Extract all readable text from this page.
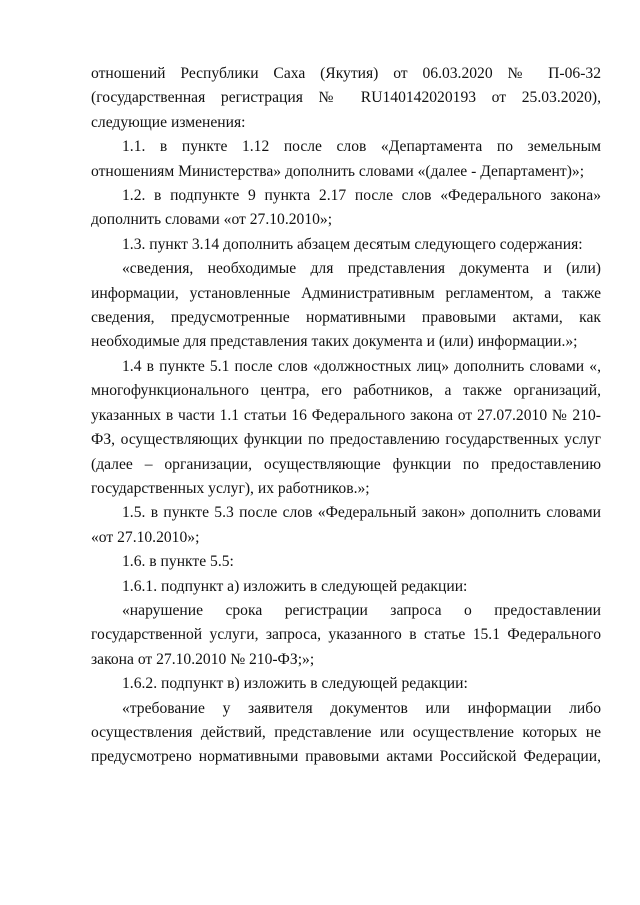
отношений Республики Саха (Якутия) от 06.03.2020 № П-06-32 (государственная регистрация № RU140142020193 от 25.03.2020), следующие изменения:

1.1. в пункте 1.12 после слов «Департамента по земельным отношениям Министерства» дополнить словами «(далее - Департамент)»;

1.2. в подпункте 9 пункта 2.17 после слов «Федерального закона» дополнить словами «от 27.10.2010»;

1.3. пункт 3.14 дополнить абзацем десятым следующего содержания:

«сведения, необходимые для представления документа и (или) информации, установленные Административным регламентом, а также сведения, предусмотренные нормативными правовыми актами, как необходимые для представления таких документа и (или) информации.»;

1.4 в пункте 5.1 после слов «должностных лиц» дополнить словами «, многофункционального центра, его работников, а также организаций, указанных в части 1.1 статьи 16 Федерального закона от 27.07.2010 № 210-ФЗ, осуществляющих функции по предоставлению государственных услуг (далее – организации, осуществляющие функции по предоставлению государственных услуг), их работников.»;

1.5. в пункте 5.3 после слов «Федеральный закон» дополнить словами «от 27.10.2010»;

1.6. в пункте 5.5:

1.6.1. подпункт а) изложить в следующей редакции:

«нарушение срока регистрации запроса о предоставлении государственной услуги, запроса, указанного в статье 15.1 Федерального закона от 27.10.2010 № 210-ФЗ;»;

1.6.2. подпункт в) изложить в следующей редакции:

«требование у заявителя документов или информации либо осуществления действий, представление или осуществление которых не предусмотрено нормативными правовыми актами Российской Федерации,
